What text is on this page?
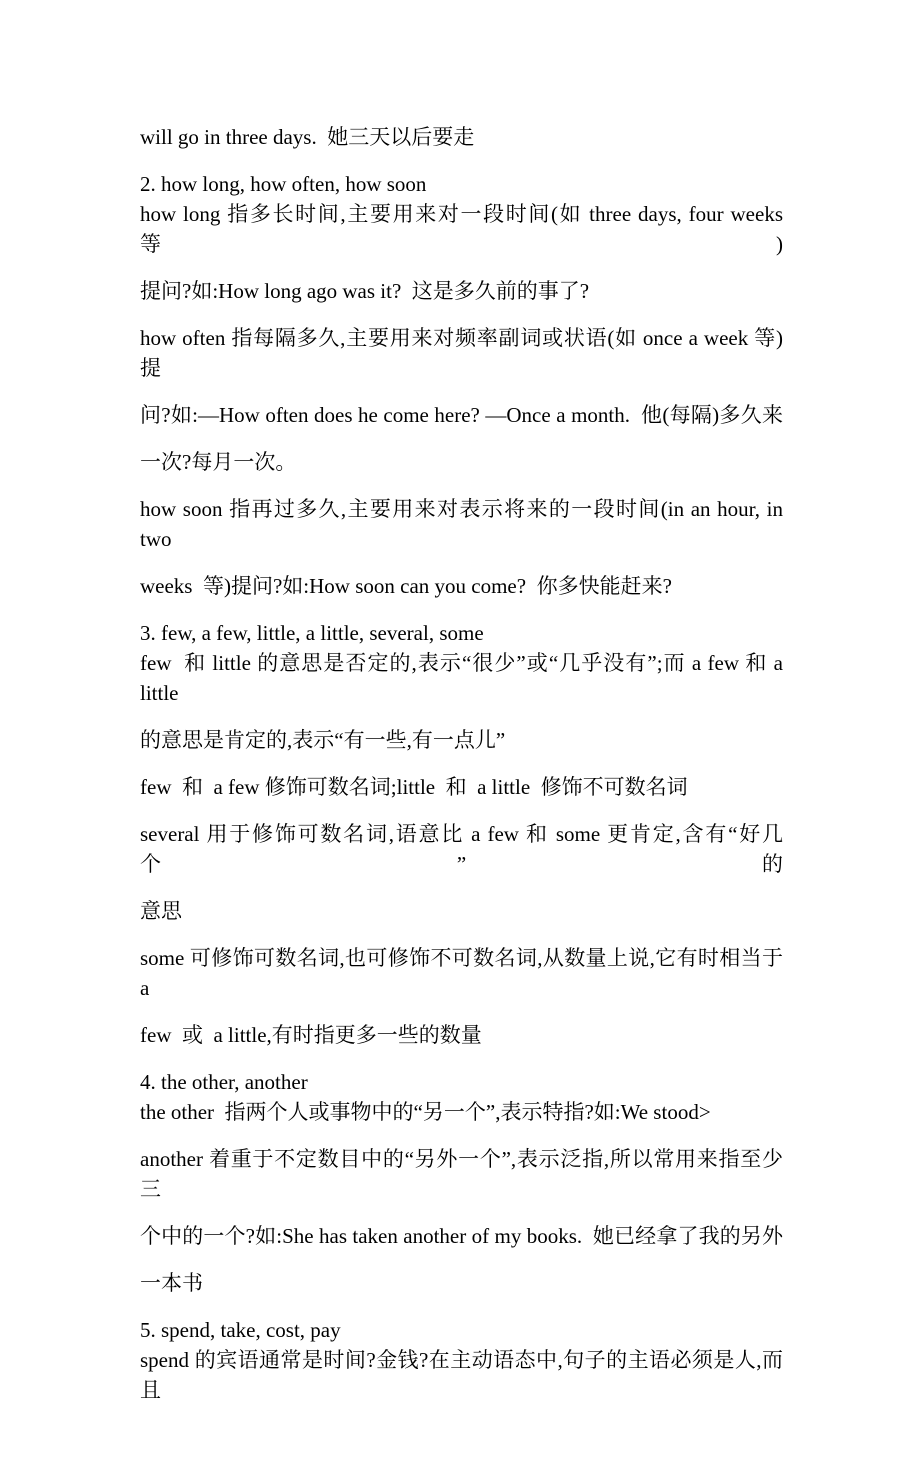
will go in three days.  她三天以后要走

2. how long, how often, how soon

how long 指多长时间,主要用来对一段时间(如 three days, four weeks  等)

提问?如:How long ago was it?  这是多久前的事了?

how often 指每隔多久,主要用来对频率副词或状语(如 once a week 等)提

问?如:—How often does he come here? —Once a month.  他(每隔)多久来

一次?每月一次。

how soon 指再过多久,主要用来对表示将来的一段时间(in an hour, in two

weeks  等)提问?如:How soon can you come?  你多快能赶来?

3. few, a few, little, a little, several, some

few  和 little 的意思是否定的,表示“很少”或“几乎没有”;而 a few 和 a little

的意思是肯定的,表示“有一些,有一点儿”

few  和  a few 修饰可数名词;little  和  a little  修饰不可数名词

several 用于修饰可数名词,语意比 a few 和 some 更肯定,含有“好几个”的

意思

some 可修饰可数名词,也可修饰不可数名词,从数量上说,它有时相当于 a

few  或  a little,有时指更多一些的数量

4. the other, another

the other  指两个人或事物中的“另一个”,表示特指?如:We stood>

another 着重于不定数目中的“另外一个”,表示泛指,所以常用来指至少三

个中的一个?如:She has taken another of my books.  她已经拿了我的另外

一本书

5. spend, take, cost, pay

spend 的宾语通常是时间?金钱?在主动语态中,句子的主语必须是人,而且
